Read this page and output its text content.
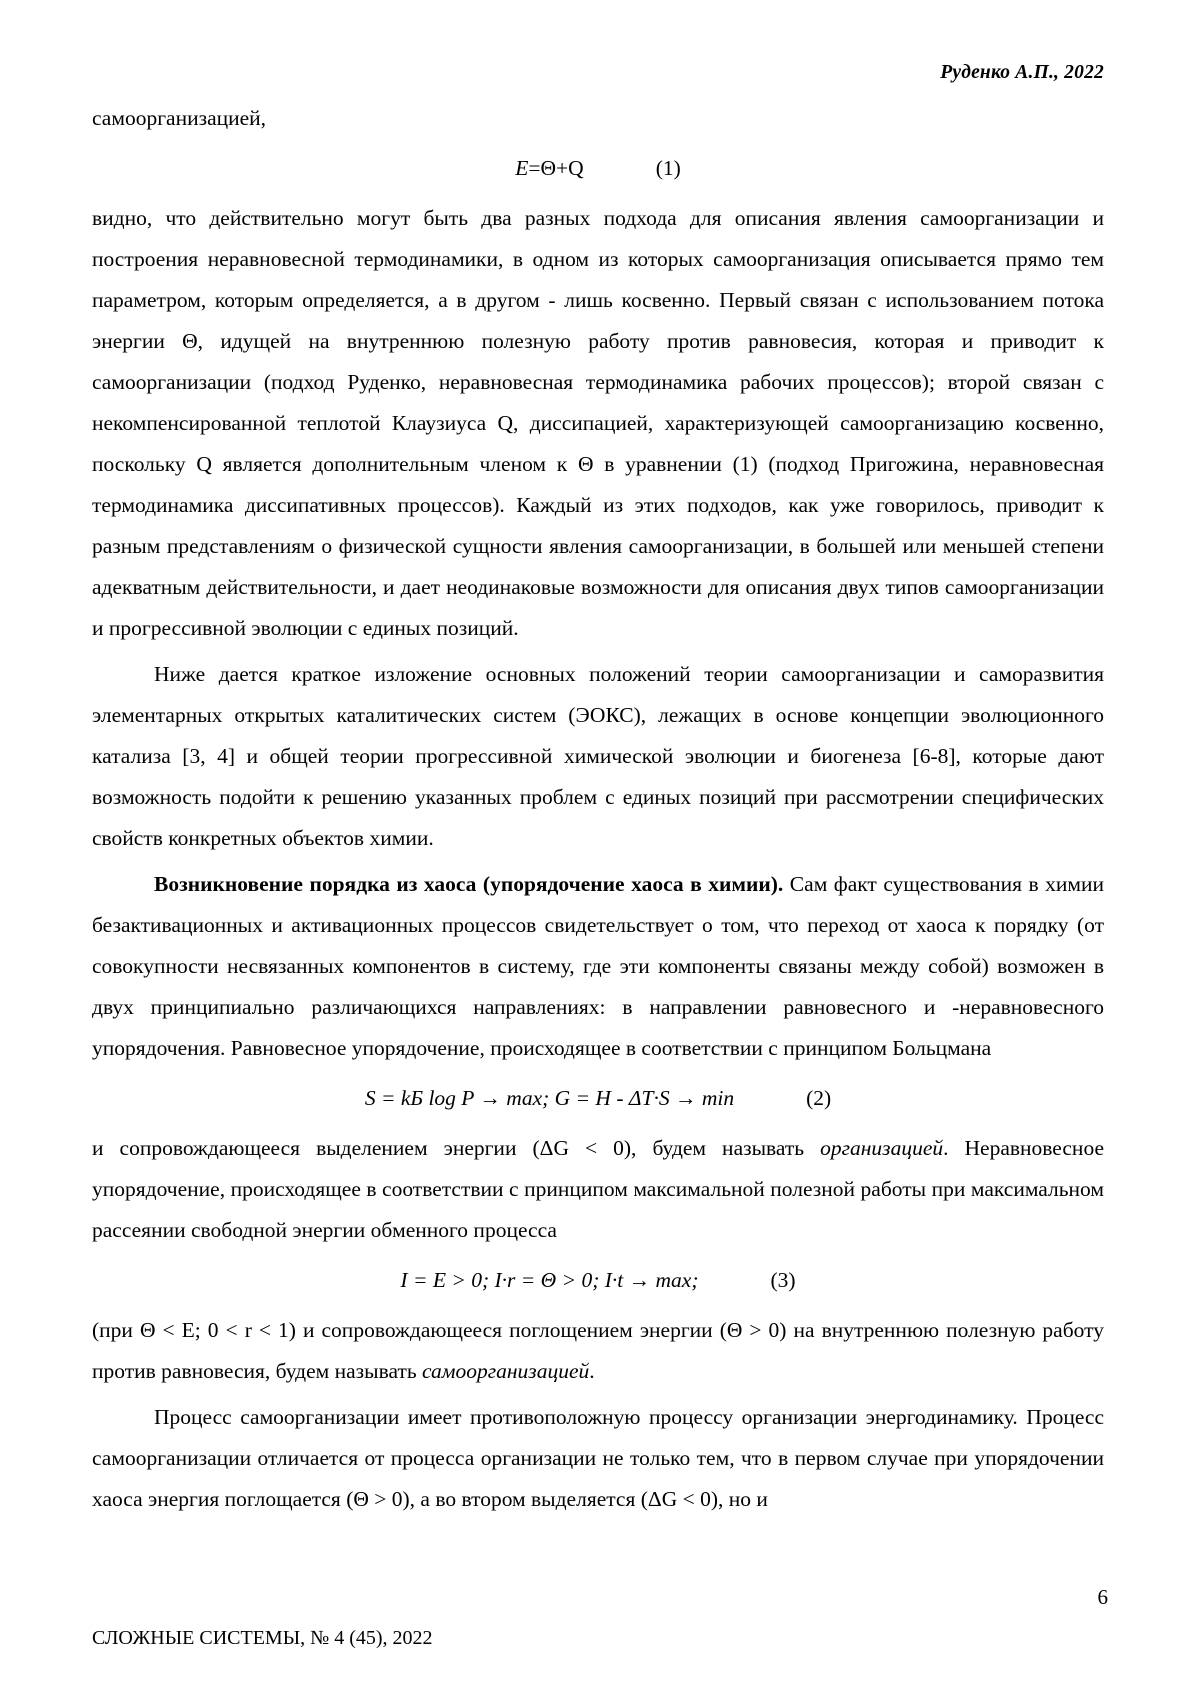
Руденко А.П., 2022

самоорганизацией,

E=Θ+Q	(1)

видно, что действительно могут быть два разных подхода для описания явления самоорганизации и построения неравновесной термодинамики, в одном из которых самоорганизация описывается прямо тем параметром, которым определяется, а в другом - лишь косвенно. Первый связан с использованием потока энергии Θ, идущей на внутреннюю полезную работу против равновесия, которая и приводит к самоорганизации (подход Руденко, неравновесная термодинамика рабочих процессов); второй связан с некомпенсированной теплотой Клаузиуса Q, диссипацией, характеризующей самоорганизацию косвенно, поскольку Q является дополнительным членом к Θ в уравнении (1) (подход Пригожина, неравновесная термодинамика диссипативных процессов). Каждый из этих подходов, как уже говорилось, приводит к разным представлениям о физической сущности явления самоорганизации, в большей или меньшей степени адекватным действительности, и дает неодинаковые возможности для описания двух типов самоорганизации и прогрессивной эволюции с единых позиций.

Ниже дается краткое изложение основных положений теории самоорганизации и саморазвития элементарных открытых каталитических систем (ЭОКС), лежащих в основе концепции эволюционного катализа [3, 4] и общей теории прогрессивной химической эволюции и биогенеза [6-8], которые дают возможность подойти к решению указанных проблем с единых позиций при рассмотрении специфических свойств конкретных объектов химии.

Возникновение порядка из хаоса (упорядочение хаоса в химии). Сам факт существования в химии безактивационных и активационных процессов свидетельствует о том, что переход от хаоса к порядку (от совокупности несвязанных компонентов в систему, где эти компоненты связаны между собой) возможен в двух принципиально различающихся направлениях: в направлении равновесного и -неравновесного упорядочения. Равновесное упорядочение, происходящее в соответствии с принципом Больцмана

S = kБ log P → max; G = H - ΔT·S → min	(2)

и сопровождающееся выделением энергии (ΔG < 0), будем называть организацией. Неравновесное упорядочение, происходящее в соответствии с принципом максимальной полезной работы при максимальном рассеянии свободной энергии обменного процесса

I = E > 0; I·r = Θ > 0; I·t → max;	(3)

(при Θ < E; 0 < r < 1) и сопровождающееся поглощением энергии (Θ > 0) на внутреннюю полезную работу против равновесия, будем называть самоорганизацией.

Процесс самоорганизации имеет противоположную процессу организации энергодинамику. Процесс самоорганизации отличается от процесса организации не только тем, что в первом случае при упорядочении хаоса энергия поглощается (Θ > 0), а во втором выделяется (ΔG < 0), но и

6
СЛОЖНЫЕ СИСТЕМЫ, № 4 (45), 2022
